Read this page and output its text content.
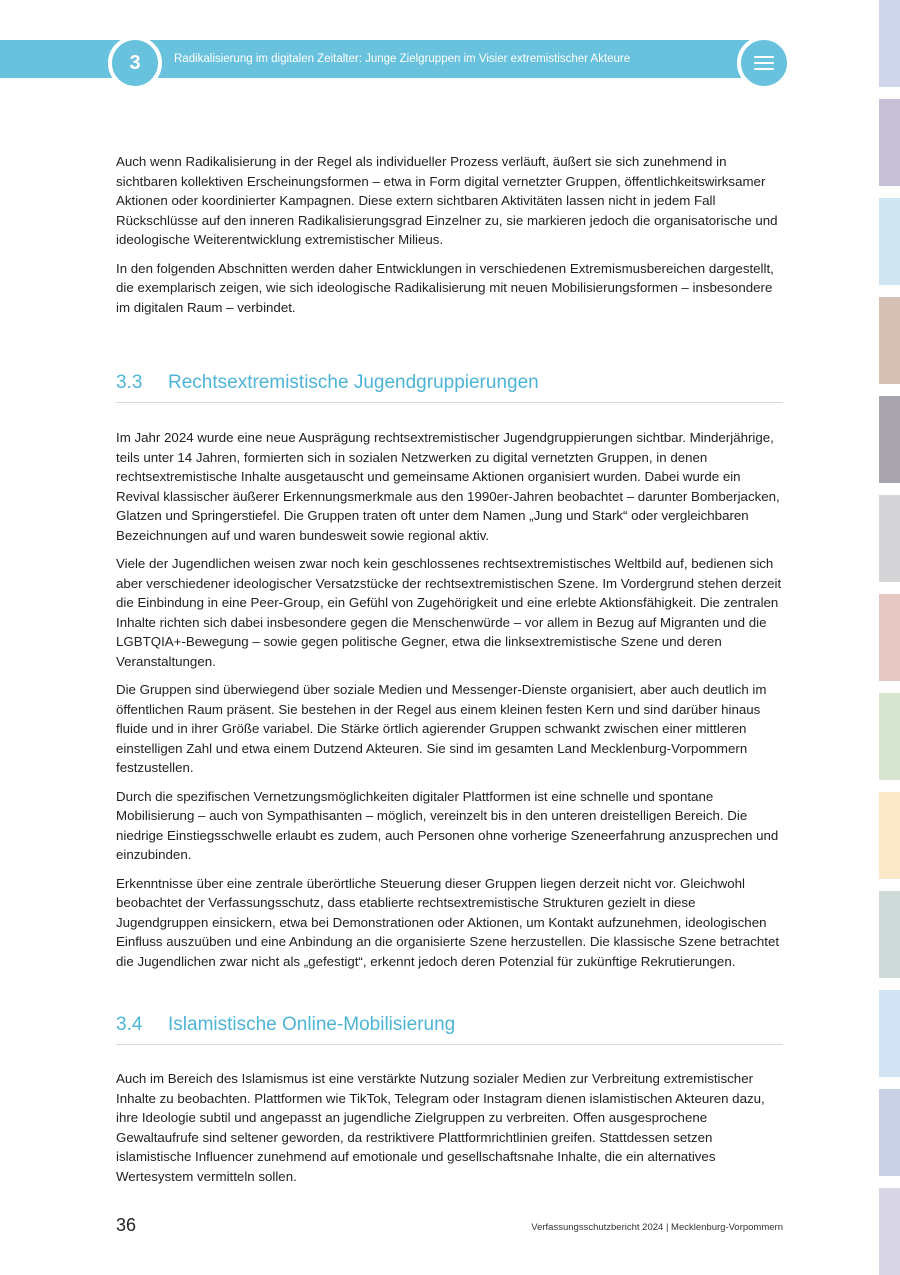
3	Radikalisierung im digitalen Zeitalter: Junge Zielgruppen im Visier extremistischer Akteure

Auch wenn Radikalisierung in der Regel als individueller Prozess verläuft, äußert sie sich zunehmend in sichtbaren kollektiven Erscheinungsformen – etwa in Form digital vernetzter Gruppen, öffentlichkeitswirksamer Aktionen oder koordinierter Kampagnen. Diese extern sichtbaren Aktivitäten lassen nicht in jedem Fall Rückschlüsse auf den inneren Radikalisierungsgrad Einzelner zu, sie markieren jedoch die organisatorische und ideologische Weiterentwicklung extremistischer Milieus.

In den folgenden Abschnitten werden daher Entwicklungen in verschiedenen Extremismusbereichen dargestellt, die exemplarisch zeigen, wie sich ideologische Radikalisierung mit neuen Mobilisierungsformen – insbesondere im digitalen Raum – verbindet.

3.3 Rechtsextremistische Jugendgruppierungen

Im Jahr 2024 wurde eine neue Ausprägung rechtsextremistischer Jugendgruppierungen sichtbar. Minderjährige, teils unter 14 Jahren, formierten sich in sozialen Netzwerken zu digital vernetzten Gruppen, in denen rechtsextremistische Inhalte ausgetauscht und gemeinsame Aktionen organisiert wurden. Dabei wurde ein Revival klassischer äußerer Erkennungsmerkmale aus den 1990er-Jahren beobachtet – darunter Bomberjacken, Glatzen und Springerstiefel. Die Gruppen traten oft unter dem Namen „Jung und Stark“ oder vergleichbaren Bezeichnungen auf und waren bundesweit sowie regional aktiv.

Viele der Jugendlichen weisen zwar noch kein geschlossenes rechtsextremistisches Weltbild auf, bedienen sich aber verschiedener ideologischer Versatzstücke der rechtsextremistischen Szene. Im Vordergrund stehen derzeit die Einbindung in eine Peer-Group, ein Gefühl von Zugehörigkeit und eine erlebte Aktionsfähigkeit. Die zentralen Inhalte richten sich dabei insbesondere gegen die Menschenwürde – vor allem in Bezug auf Migranten und die LGBTQIA+-Bewegung – sowie gegen politische Gegner, etwa die linksextremistische Szene und deren Veranstaltungen.

Die Gruppen sind überwiegend über soziale Medien und Messenger-Dienste organisiert, aber auch deutlich im öffentlichen Raum präsent. Sie bestehen in der Regel aus einem kleinen festen Kern und sind darüber hinaus fluide und in ihrer Größe variabel. Die Stärke örtlich agierender Gruppen schwankt zwischen einer mittleren einstelligen Zahl und etwa einem Dutzend Akteuren. Sie sind im gesamten Land Mecklenburg-Vorpommern festzustellen.

Durch die spezifischen Vernetzungsmöglichkeiten digitaler Plattformen ist eine schnelle und spontane Mobilisierung – auch von Sympathisanten – möglich, vereinzelt bis in den unteren dreistelligen Bereich. Die niedrige Einstiegsschwelle erlaubt es zudem, auch Personen ohne vorherige Szeneerfahrung anzusprechen und einzubinden.

Erkenntnisse über eine zentrale überörtliche Steuerung dieser Gruppen liegen derzeit nicht vor. Gleichwohl beobachtet der Verfassungsschutz, dass etablierte rechtsextremistische Strukturen gezielt in diese Jugendgruppen einsickern, etwa bei Demonstrationen oder Aktionen, um Kontakt aufzunehmen, ideologischen Einfluss auszuüben und eine Anbindung an die organisierte Szene herzustellen. Die klassische Szene betrachtet die Jugendlichen zwar nicht als „gefestigt“, erkennt jedoch deren Potenzial für zukünftige Rekrutierungen.

3.4 Islamistische Online-Mobilisierung

Auch im Bereich des Islamismus ist eine verstärkte Nutzung sozialer Medien zur Verbreitung extremistischer Inhalte zu beobachten. Plattformen wie TikTok, Telegram oder Instagram dienen islamistischen Akteuren dazu, ihre Ideologie subtil und angepasst an jugendliche Zielgruppen zu verbreiten. Offen ausgesprochene Gewaltaufrufe sind seltener geworden, da restriktivere Plattformrichtlinien greifen. Stattdessen setzen islamistische Influencer zunehmend auf emotionale und gesellschaftsnahe Inhalte, die ein alternatives Wertesystem vermitteln sollen.

36	Verfassungsschutzbericht 2024 | Mecklenburg-Vorpommern
